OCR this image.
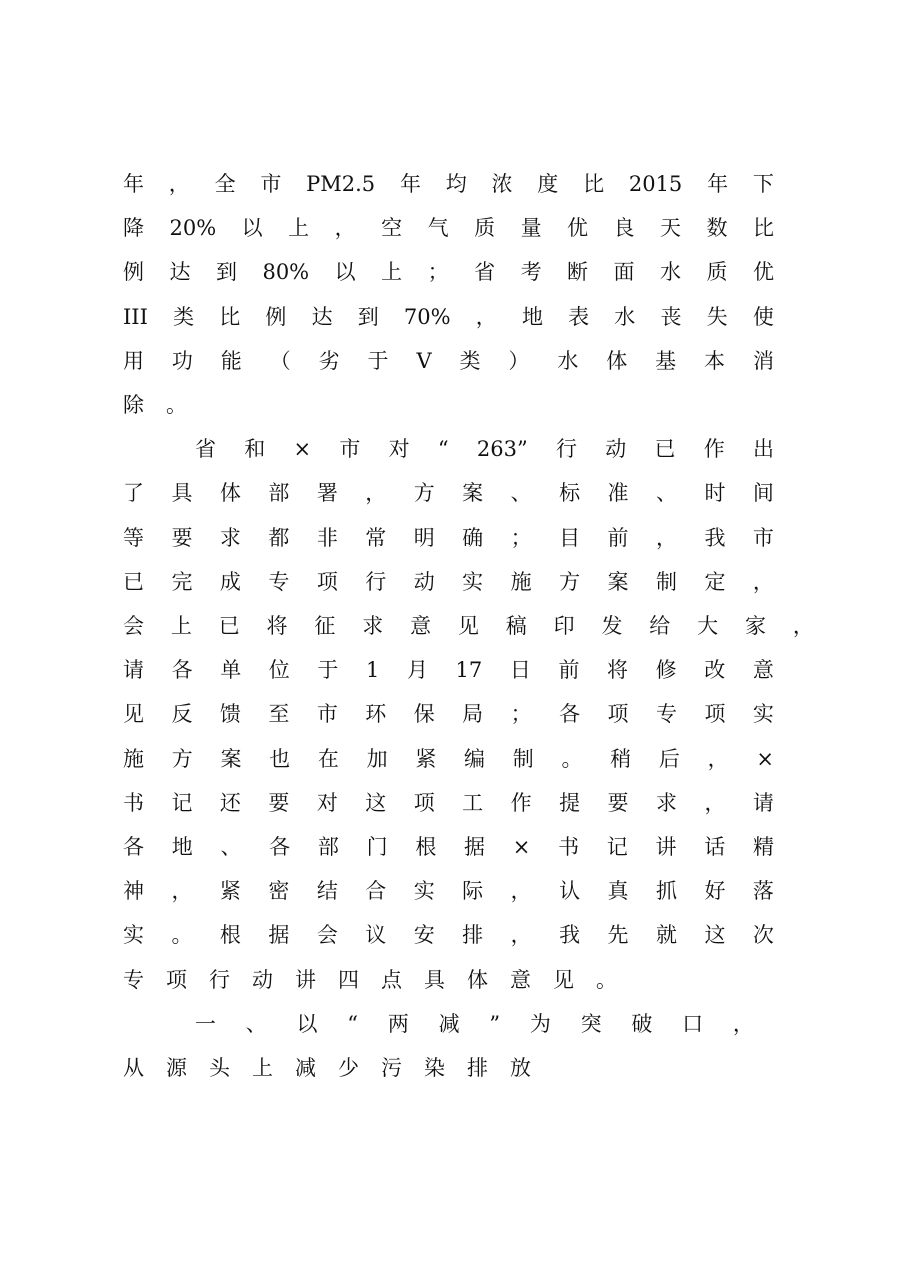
年 ， 全 市 PM2.5 年 均 浓 度 比 2015 年 下
降 20% 以 上 ， 空 气 质 量 优 良 天 数 比
例 达 到 80% 以 上 ； 省 考 断 面 水 质 优
III 类 比 例 达 到 70% ， 地 表 水 丧 失 使
用 功 能 （ 劣 于 V 类 ） 水 体 基 本 消
除 。
省 和 × 市 对 “ 263” 行 动 已 作 出
了 具 体 部 署 ， 方 案 、 标 准 、 时 间
等 要 求 都 非 常 明 确 ； 目 前 ， 我 市
已 完 成 专 项 行 动 实 施 方 案 制 定 ，
会 上 已 将 征 求 意 见 稿 印 发 给 大 家 ，
请 各 单 位 于 1 月 17 日 前 将 修 改 意
见 反 馈 至 市 环 保 局 ； 各 项 专 项 实
施 方 案 也 在 加 紧 编 制 。 稍 后 ， ×
书 记 还 要 对 这 项 工 作 提 要 求 ， 请
各 地 、 各 部 门 根 据 × 书 记 讲 话 精
神 ， 紧 密 结 合 实 际 ， 认 真 抓 好 落
实 。 根 据 会 议 安 排 ， 我 先 就 这 次
专 项 行 动 讲 四 点 具 体 意 见 。
一 、 以 “ 两 减 ” 为 突 破 口 ，
从 源 头 上 减 少 污 染 排 放
